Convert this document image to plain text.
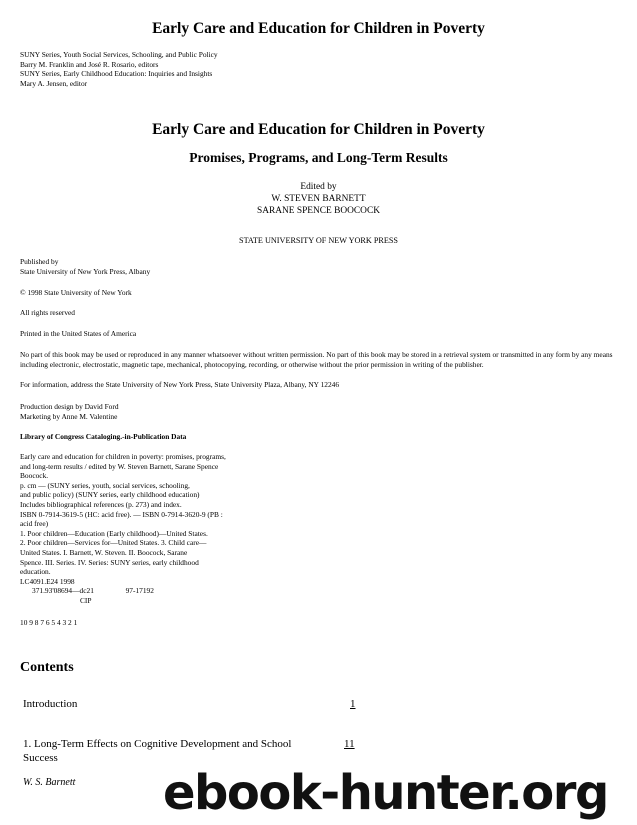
Early Care and Education for Children in Poverty
SUNY Series, Youth Social Services, Schooling, and Public Policy
Barry M. Franklin and José R. Rosario, editors
SUNY Series, Early Childhood Education: Inquiries and Insights
Mary A. Jensen, editor
Early Care and Education for Children in Poverty
Promises, Programs, and Long-Term Results
Edited by
W. STEVEN BARNETT
SARANE SPENCE BOOCOCK
STATE UNIVERSITY OF NEW YORK PRESS
Published by
State University of New York Press, Albany
© 1998 State University of New York
All rights reserved
Printed in the United States of America
No part of this book may be used or reproduced in any manner whatsoever without written permission. No part of this book may be stored in a retrieval system or transmitted in any form by any means including electronic, electrostatic, magnetic tape, mechanical, photocopying, recording, or otherwise without the prior permission in writing of the publisher.
For information, address the State University of New York Press, State University Plaza, Albany, NY 12246
Production design by David Ford
Marketing by Anne M. Valentine
Library of Congress Cataloging.-in-Publication Data
Early care and education for children in poverty: promises, programs,
and long-term results / edited by W. Steven Barnett, Sarane Spence
Boocock.
p. cm — (SUNY series, youth, social services, schooling,
and public policy) (SUNY series, early childhood education)
Includes bibliographical references (p. 273) and index.
ISBN 0-7914-3619-5 (HC: acid free). — ISBN 0-7914-3620-9 (PB :
acid free)
1. Poor children—Education (Early childhood)—United States.
2. Poor children—Services for—United States. 3. Child care—
United States. I. Barnett, W. Steven. II. Boocock, Sarane
Spence. III. Series. IV. Series: SUNY series, early childhood
education.
LC4091.E24 1998
371.93'08694—dc21	97-17192
CIP
10 9 8 7 6 5 4 3 2 1
Contents
Introduction	1
1. Long-Term Effects on Cognitive Development and School Success
11
W. S. Barnett ebook-hunter.org
